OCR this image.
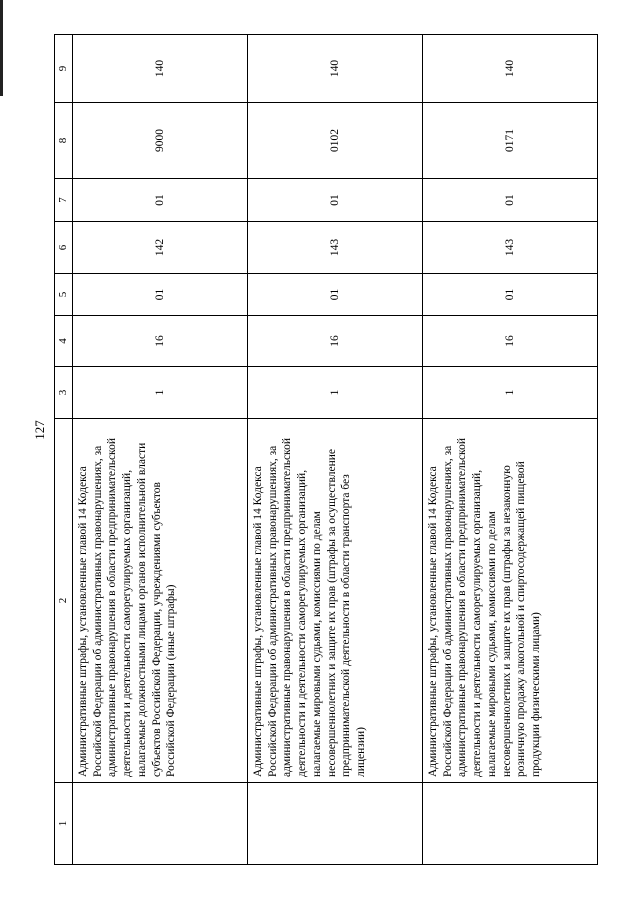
127
1	2	3	4	5	6	7	8	9
	Административные штрафы, установленные главой 14 Кодекса Российской Федерации об административных правонарушениях, за административные правонарушения в области предпринимательской деятельности и деятельности саморегулируемых организаций, налагаемые должностными лицами органов исполнительной власти субъектов Российской Федерации, учреждениями субъектов Российской Федерации (иные штрафы)	1	16	01	142	01	9000	140
	Административные штрафы, установленные главой 14 Кодекса Российской Федерации об административных правонарушениях, за административные правонарушения в области предпринимательской деятельности и деятельности саморегулируемых организаций, налагаемые мировыми судьями, комиссиями по делам несовершеннолетних и защите их прав (штрафы за осуществление предпринимательской деятельности в области транспорта без лицензии)	1	16	01	143	01	0102	140
	Административные штрафы, установленные главой 14 Кодекса Российской Федерации об административных правонарушениях, за административные правонарушения в области предпринимательской деятельности и деятельности саморегулируемых организаций, налагаемые мировыми судьями, комиссиями по делам несовершеннолетних и защите их прав (штрафы за незаконную розничную продажу алкогольной и спиртосодержащей пищевой продукции физическими лицами)	1	16	01	143	01	0171	140
